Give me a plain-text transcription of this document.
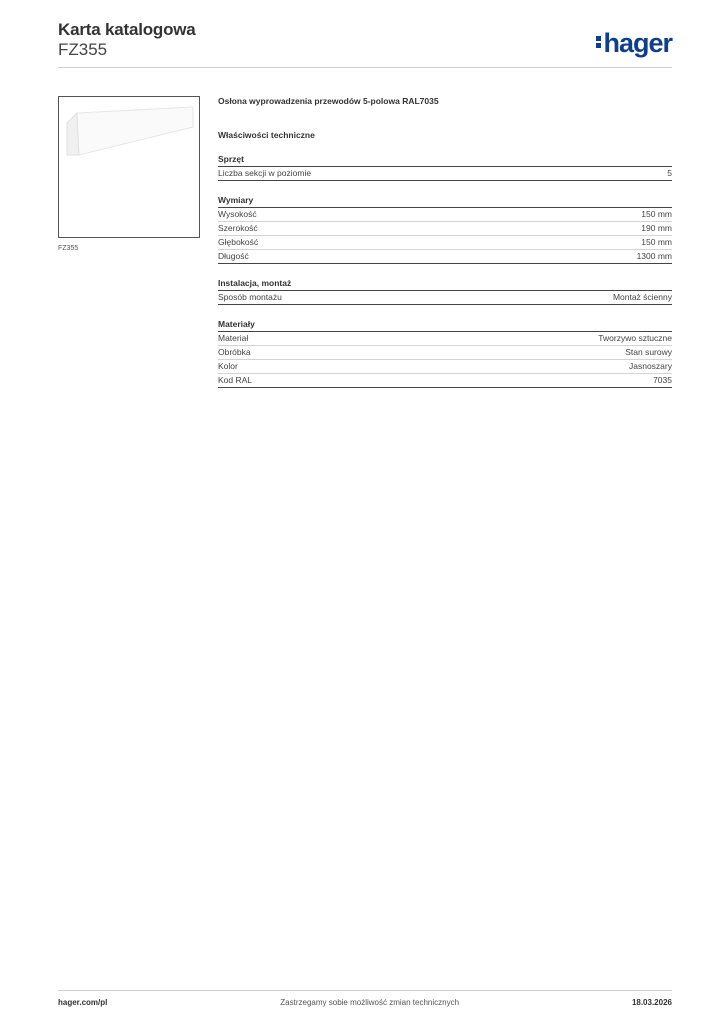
Karta katalogowa
FZ355	hager
FZ355
Osłona wyprowadzenia przewodów 5-polowa RAL7035
Właściwości techniczne
Sprzęt
Liczba sekcji w poziomie	5
Wymiary
Wysokość	150 mm
Szerokość	190 mm
Głębokość	150 mm
Długość	1300 mm
Instalacja, montaż
Sposób montażu	Montaż ścienny
Materiały
Materiał	Tworzywo sztuczne
Obróbka	Stan surowy
Kolor	Jasnoszary
Kod RAL	7035
hager.com/pl	Zastrzegamy sobie możliwość zmian technicznych	18.03.2026
